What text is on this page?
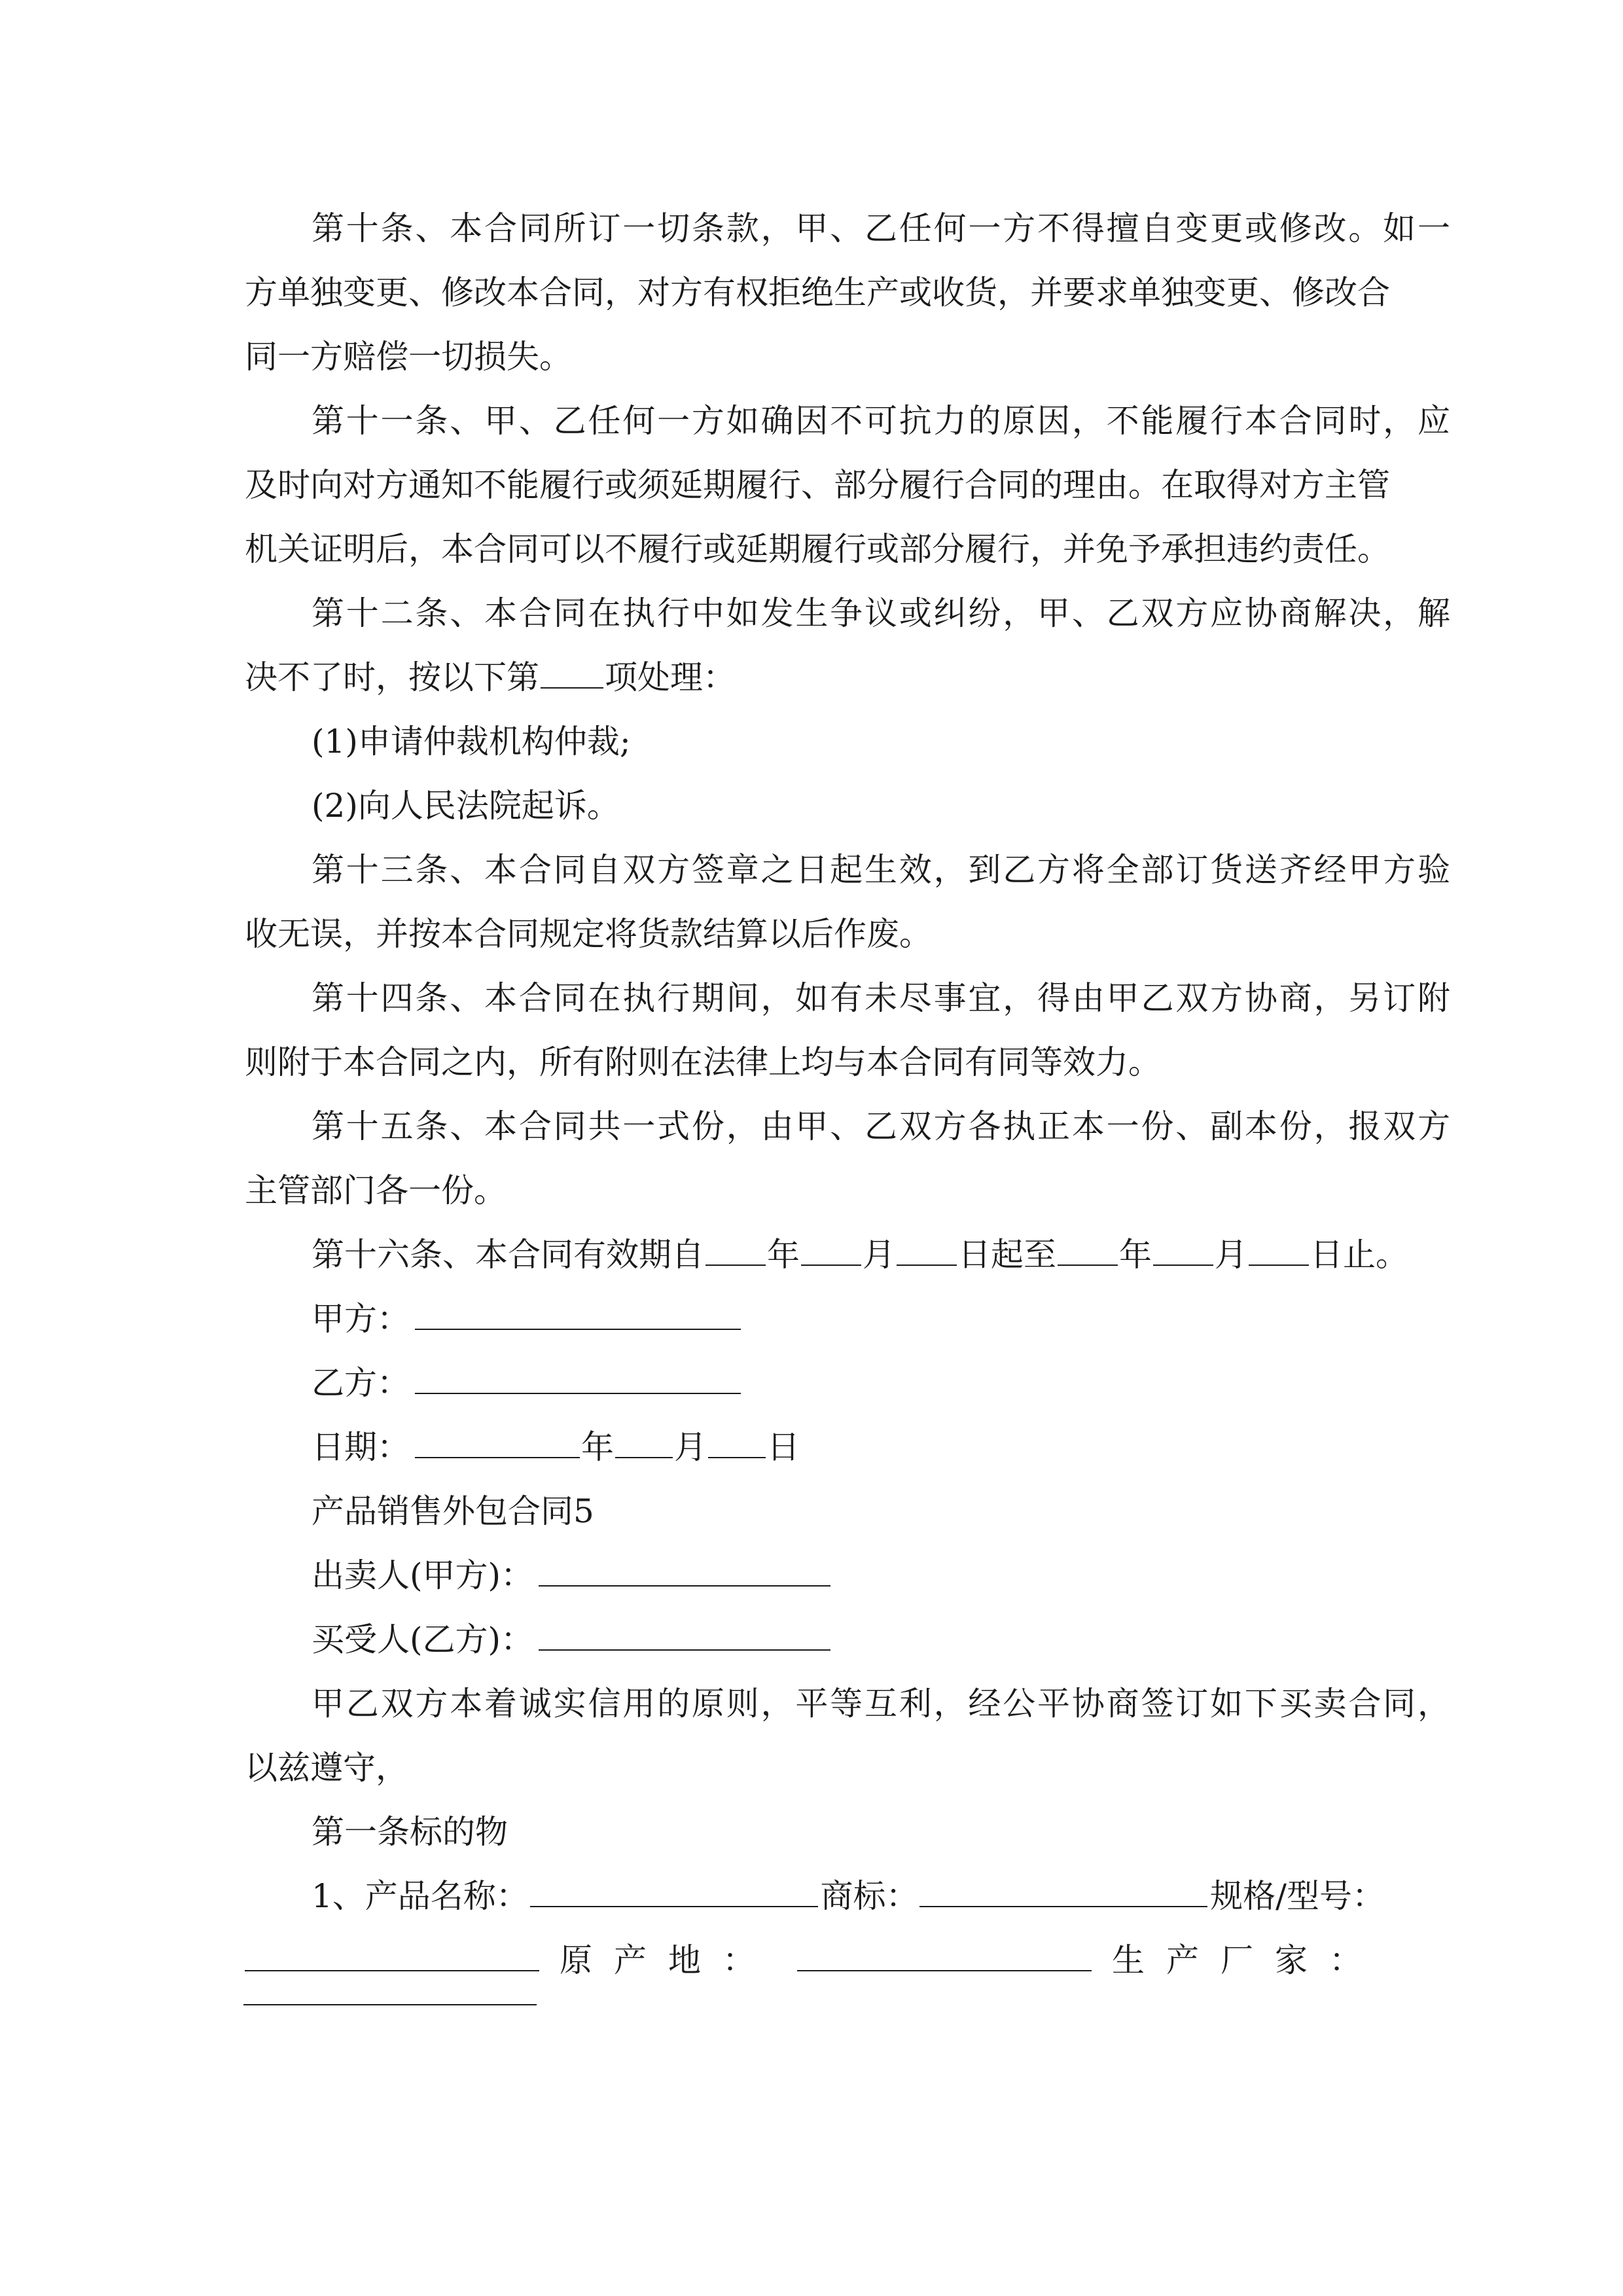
第十条、本合同所订一切条款，甲、乙任何一方不得擅自变更或修改。如一
方单独变更、修改本合同，对方有权拒绝生产或收货，并要求单独变更、修改合
同一方赔偿一切损失。
第十一条、甲、乙任何一方如确因不可抗力的原因，不能履行本合同时，应
及时向对方通知不能履行或须延期履行、部分履行合同的理由。在取得对方主管
机关证明后，本合同可以不履行或延期履行或部分履行，并免予承担违约责任。
第十二条、本合同在执行中如发生争议或纠纷，甲、乙双方应协商解决，解
决不了时，按以下第 项处理：
(1)申请仲裁机构仲裁;
(2)向人民法院起诉。
第十三条、本合同自双方签章之日起生效，到乙方将全部订货送齐经甲方验
收无误，并按本合同规定将货款结算以后作废。
第十四条、本合同在执行期间，如有未尽事宜，得由甲乙双方协商，另订附
则附于本合同之内，所有附则在法律上均与本合同有同等效力。
第十五条、本合同共一式份，由甲、乙双方各执正本一份、副本份，报双方
主管部门各一份。
第十六条、本合同有效期自 年 月 日起至 年 月 日止。
甲方：
乙方：
日期：	年 月 日
产品销售外包合同5
出卖人(甲方)：
买受人(乙方)：
甲乙双方本着诚实信用的原则，平等互利，经公平协商签订如下买卖合同，
以兹遵守，
第一条标的物
1、产品名称：	商标：	规格/型号：
原产地：	生产厂家：
